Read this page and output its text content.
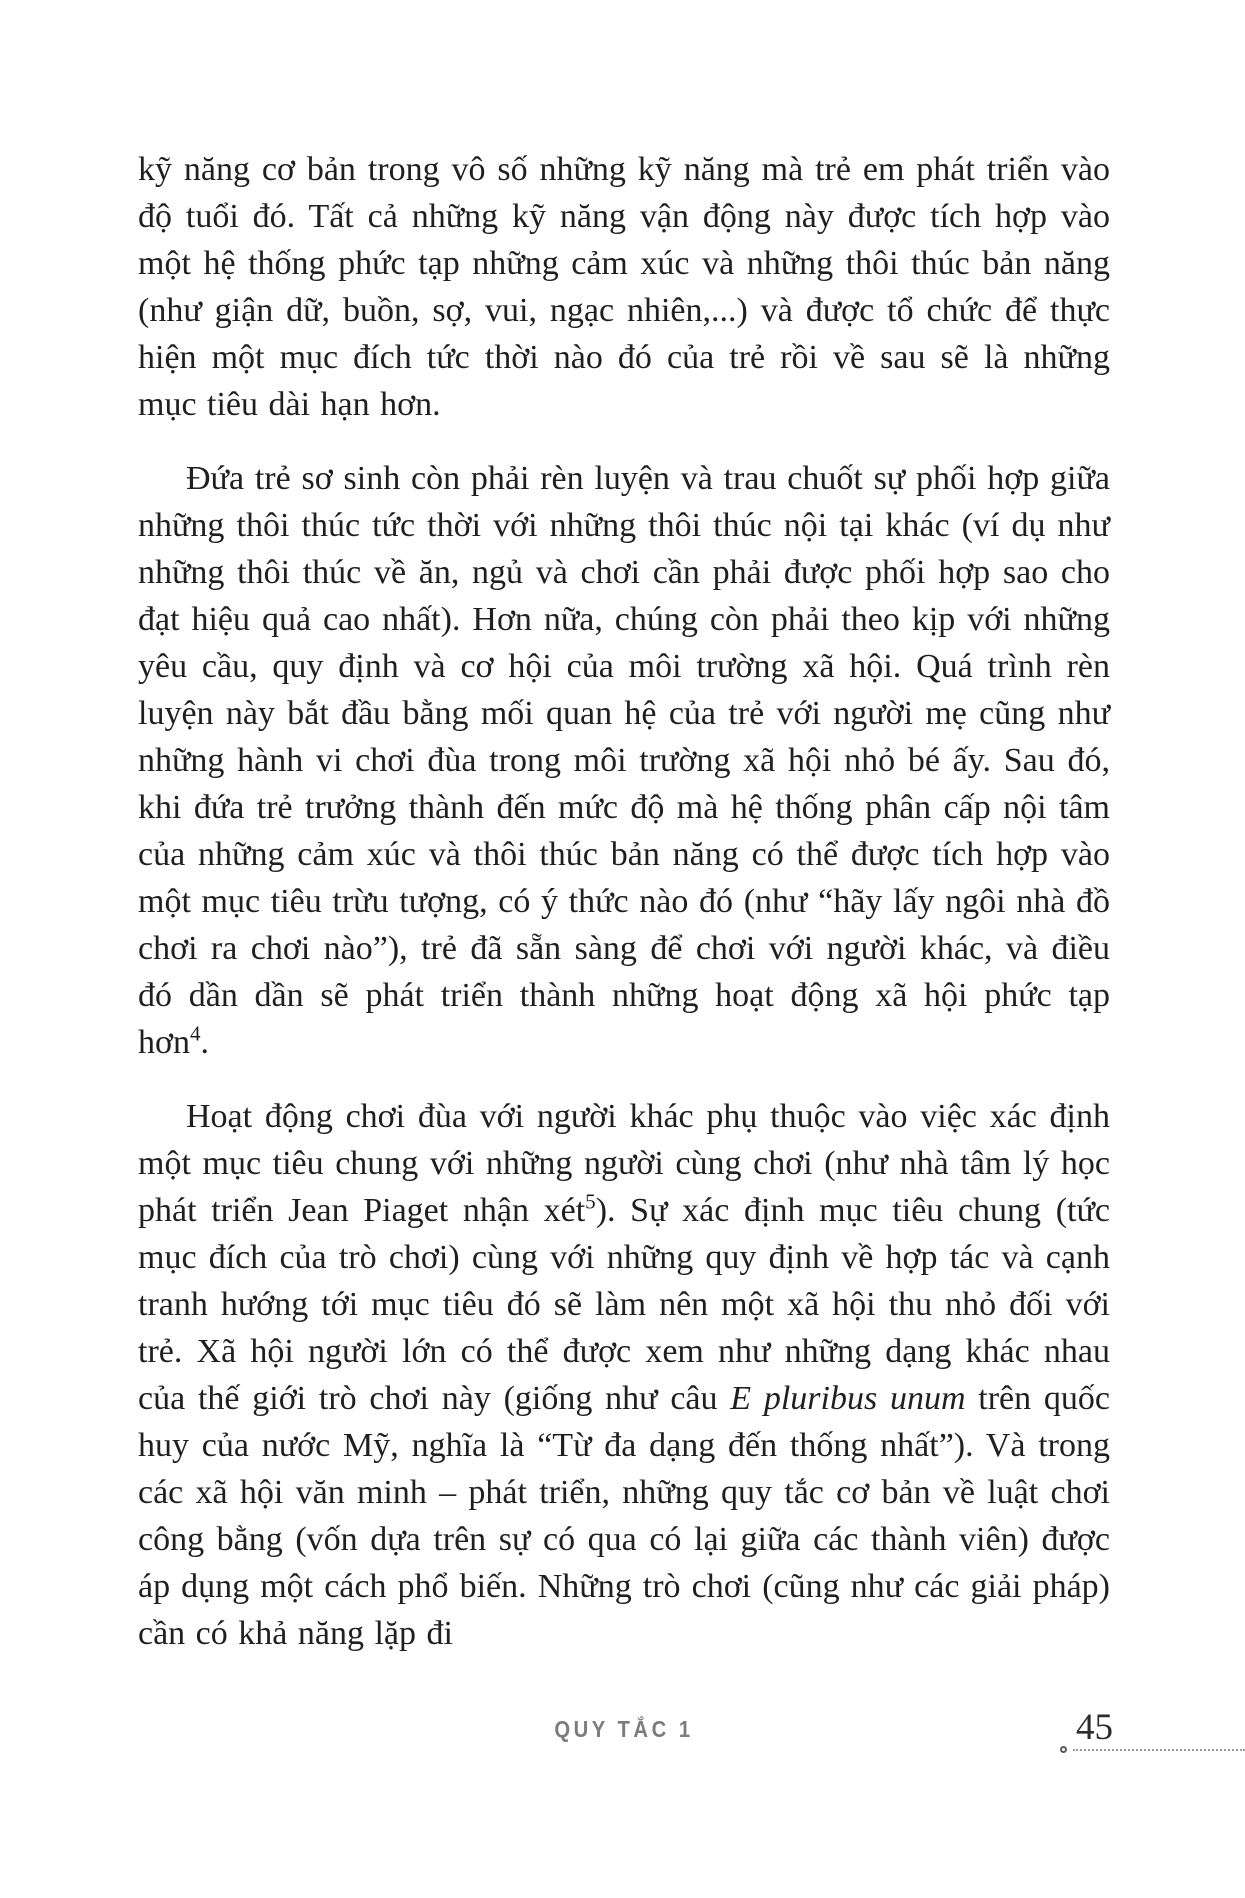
kỹ năng cơ bản trong vô số những kỹ năng mà trẻ em phát triển vào độ tuổi đó. Tất cả những kỹ năng vận động này được tích hợp vào một hệ thống phức tạp những cảm xúc và những thôi thúc bản năng (như giận dữ, buồn, sợ, vui, ngạc nhiên,...) và được tổ chức để thực hiện một mục đích tức thời nào đó của trẻ rồi về sau sẽ là những mục tiêu dài hạn hơn.

Đứa trẻ sơ sinh còn phải rèn luyện và trau chuốt sự phối hợp giữa những thôi thúc tức thời với những thôi thúc nội tại khác (ví dụ như những thôi thúc về ăn, ngủ và chơi cần phải được phối hợp sao cho đạt hiệu quả cao nhất). Hơn nữa, chúng còn phải theo kịp với những yêu cầu, quy định và cơ hội của môi trường xã hội. Quá trình rèn luyện này bắt đầu bằng mối quan hệ của trẻ với người mẹ cũng như những hành vi chơi đùa trong môi trường xã hội nhỏ bé ấy. Sau đó, khi đứa trẻ trưởng thành đến mức độ mà hệ thống phân cấp nội tâm của những cảm xúc và thôi thúc bản năng có thể được tích hợp vào một mục tiêu trừu tượng, có ý thức nào đó (như “hãy lấy ngôi nhà đồ chơi ra chơi nào”), trẻ đã sẵn sàng để chơi với người khác, và điều đó dần dần sẽ phát triển thành những hoạt động xã hội phức tạp hơn$^4$.

Hoạt động chơi đùa với người khác phụ thuộc vào việc xác định một mục tiêu chung với những người cùng chơi (như nhà tâm lý học phát triển Jean Piaget nhận xét$^5$). Sự xác định mục tiêu chung (tức mục đích của trò chơi) cùng với những quy định về hợp tác và cạnh tranh hướng tới mục tiêu đó sẽ làm nên một xã hội thu nhỏ đối với trẻ. Xã hội người lớn có thể được xem như những dạng khác nhau của thế giới trò chơi này (giống như câu E pluribus unum trên quốc huy của nước Mỹ, nghĩa là “Từ đa dạng đến thống nhất”). Và trong các xã hội văn minh – phát triển, những quy tắc cơ bản về luật chơi công bằng (vốn dựa trên sự có qua có lại giữa các thành viên) được áp dụng một cách phổ biến. Những trò chơi (cũng như các giải pháp) cần có khả năng lặp đi

QUY TẮC 1	45
